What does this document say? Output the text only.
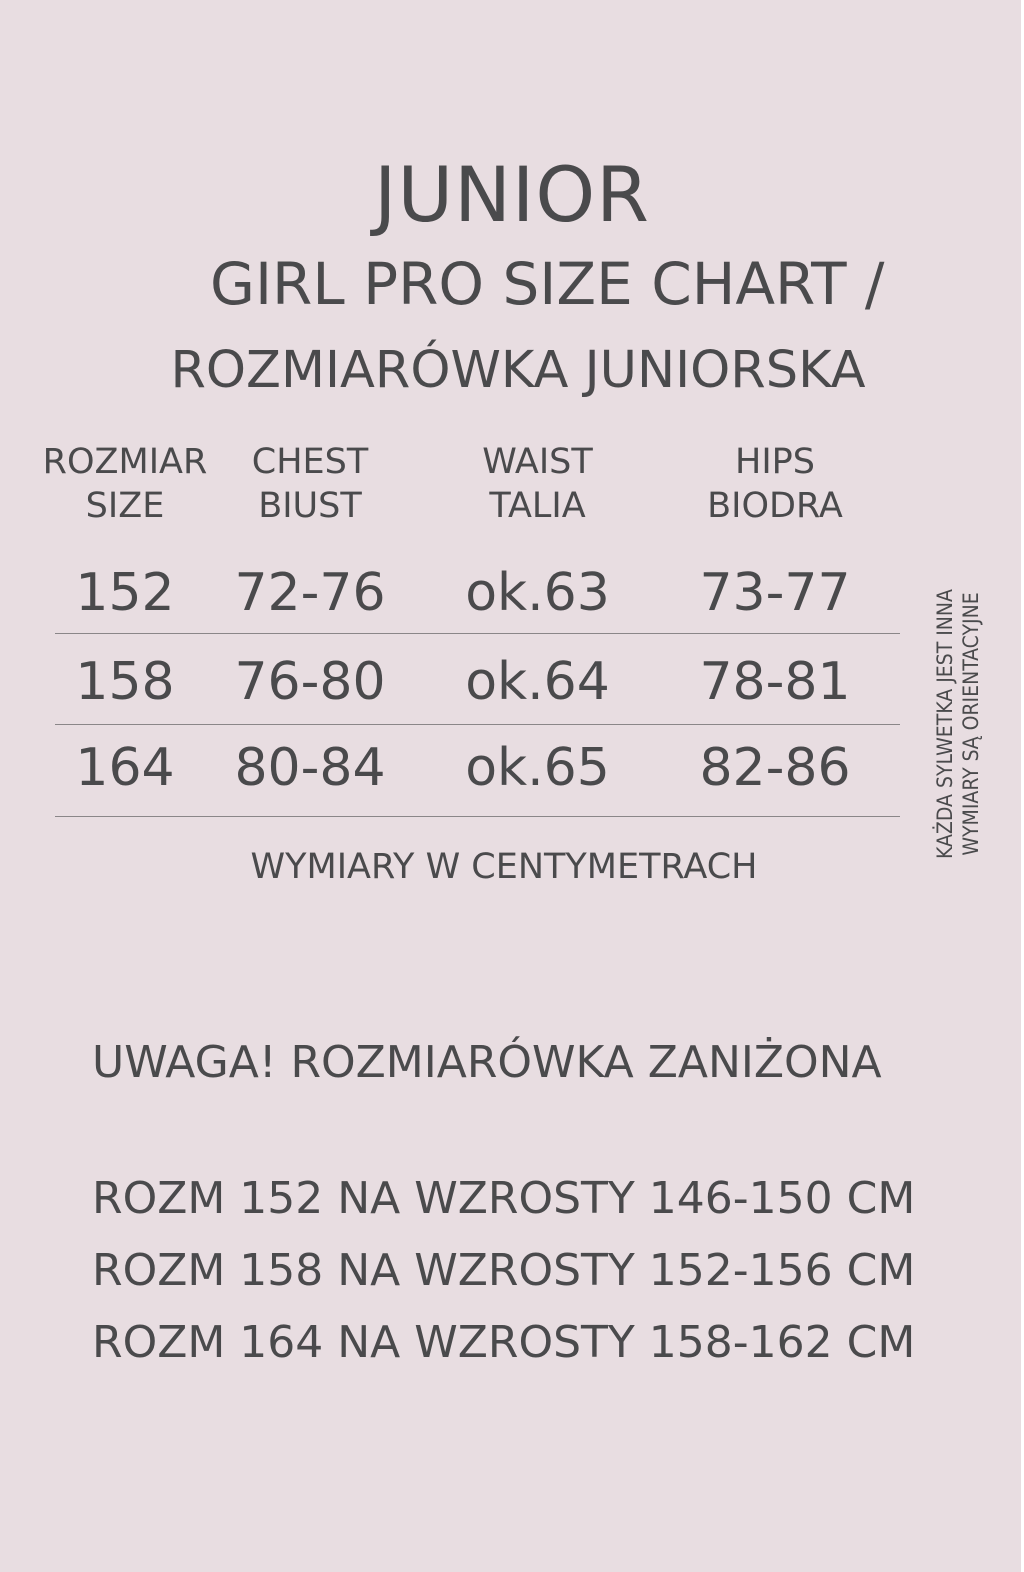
JUNIOR
GIRL PRO SIZE CHART /
ROZMIARÓWKA JUNIORSKA
ROZMIAR
SIZE
CHEST
BIUST
WAIST
TALIA
HIPS
BIODRA
152	72-76	ok.63	73-77
158	76-80	ok.64	78-81
164	80-84	ok.65	82-86
WYMIARY W CENTYMETRACH
KAŻDA SYLWETKA JEST INNA WYMIARY SĄ ORIENTACYJNE
UWAGA! ROZMIARÓWKA ZANIŻONA
ROZM 152 NA WZROSTY 146-150 CM
ROZM 158 NA WZROSTY 152-156 CM
ROZM 164 NA WZROSTY 158-162 CM
